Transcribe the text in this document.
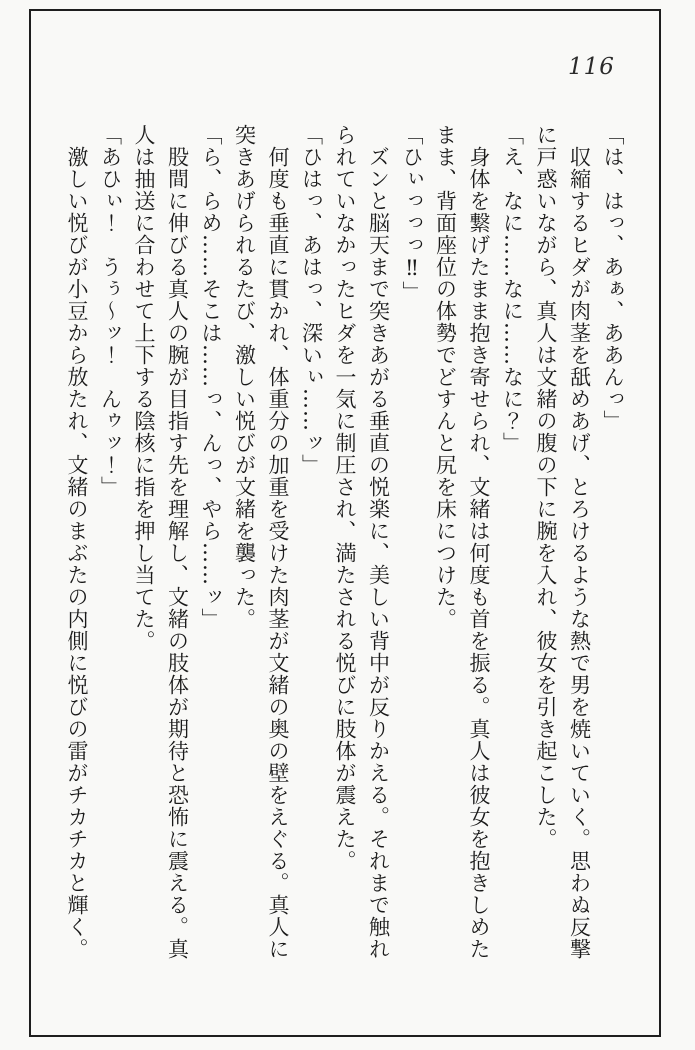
116

「は、はっ、あぁ、ああんっ」

収縮するヒダが肉茎を舐めあげ、とろけるような熱で男を焼いていく。思わぬ反撃に戸惑いながら、真人は文緒の腹の下に腕を入れ、彼女を引き起こした。

「え、なに……なに……なに？」

身体を繋げたまま抱き寄せられ、文緒は何度も首を振る。真人は彼女を抱きしめたまま、背面座位の体勢でどすんと尻を床につけた。

「ひぃっっっ‼」

ズンと脳天まで突きあがる垂直の悦楽に、美しい背中が反りかえる。それまで触れられていなかったヒダを一気に制圧され、満たされる悦びに肢体が震えた。

「ひはっ、あはっ、深いぃ……ッ」

何度も垂直に貫かれ、体重分の加重を受けた肉茎が文緒の奥の壁をえぐる。真人に突きあげられるたび、激しい悦びが文緒を襲った。

「ら、らめ……そこは……っ、んっ、やら……ッ」

股間に伸びる真人の腕が目指す先を理解し、文緒の肢体が期待と恐怖に震える。真人は抽送に合わせて上下する陰核に指を押し当てた。

「あひぃ！　うぅ〜ッ！　んゥッ！」

激しい悦びが小豆から放たれ、文緒のまぶたの内側に悦びの雷がチカチカと輝く。
